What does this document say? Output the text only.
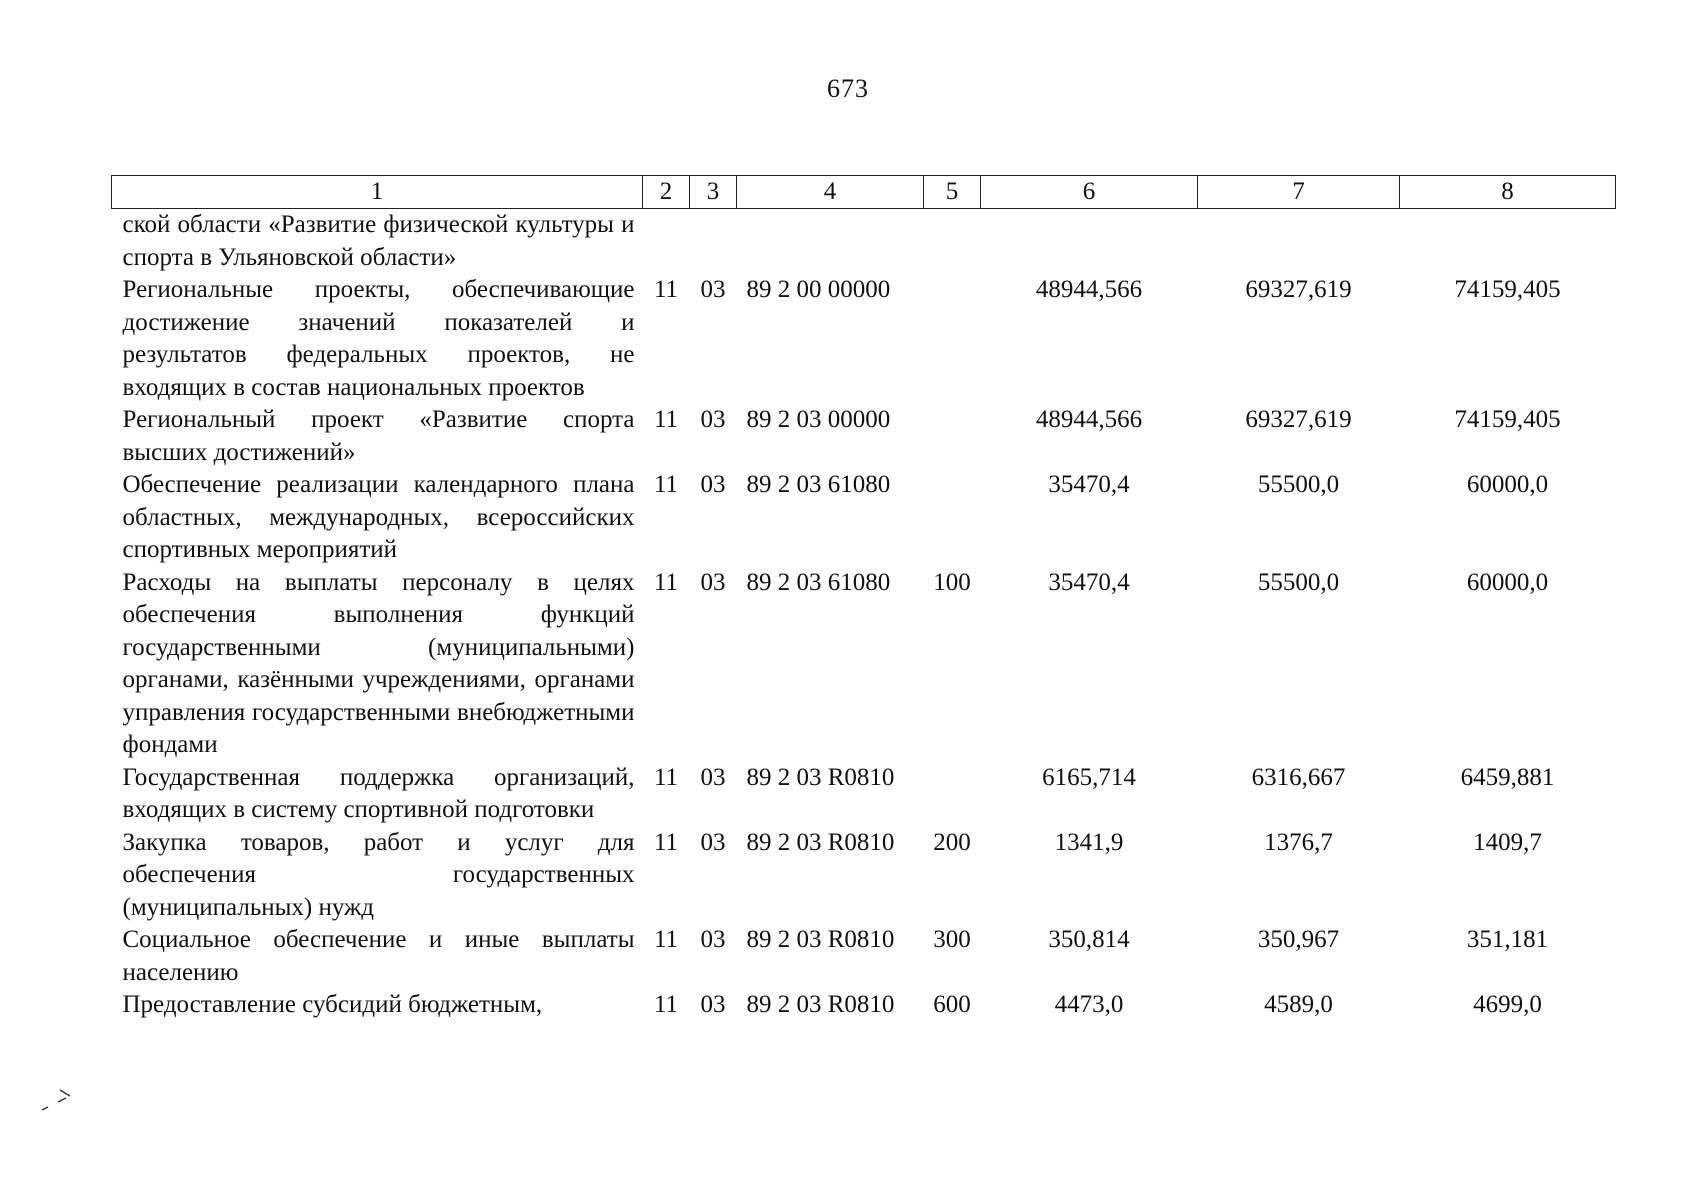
673
1	2	3	4	5	6	7	8
ской области «Развитие физической культуры и спорта в Ульяновской области»							
Региональные проекты, обеспечивающие достижение значений показателей и результатов федеральных проектов, не входящих в состав национальных проектов	11	03	89 2 00 00000		48944,566	69327,619	74159,405
Региональный проект «Развитие спорта высших достижений»	11	03	89 2 03 00000		48944,566	69327,619	74159,405
Обеспечение реализации календарного плана областных, международных, всероссийских спортивных мероприятий	11	03	89 2 03 61080		35470,4	55500,0	60000,0
Расходы на выплаты персоналу в целях обеспечения выполнения функций государственными (муниципальными) органами, казёнными учреждениями, органами управления государственными внебюджетными фондами	11	03	89 2 03 61080	100	35470,4	55500,0	60000,0
Государственная поддержка организаций, входящих в систему спортивной подготовки	11	03	89 2 03 R0810		6165,714	6316,667	6459,881
Закупка товаров, работ и услуг для обеспечения государственных (муниципальных) нужд	11	03	89 2 03 R0810	200	1341,9	1376,7	1409,7
Социальное обеспечение и иные выплаты населению	11	03	89 2 03 R0810	300	350,814	350,967	351,181
Предоставление субсидий бюджетным,	11	03	89 2 03 R0810	600	4473,0	4589,0	4699,0
